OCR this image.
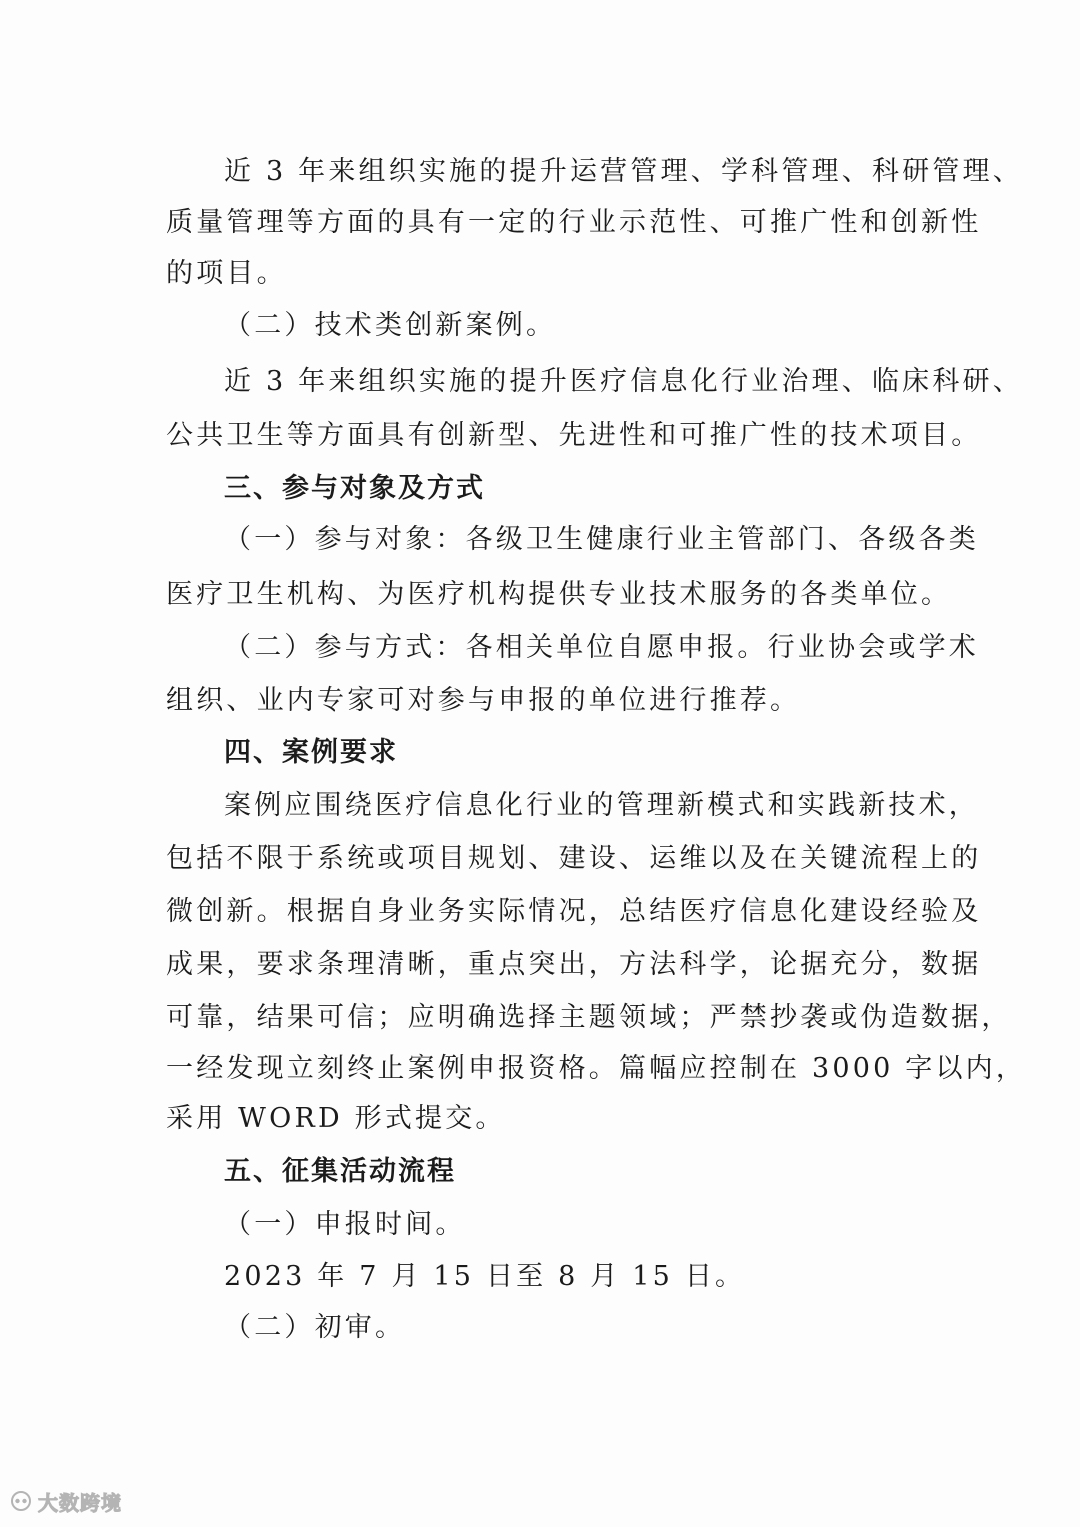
近 3 年来组织实施的提升运营管理、学科管理、科研管理、
质量管理等方面的具有一定的行业示范性、可推广性和创新性
的项目。
（二）技术类创新案例。
近 3 年来组织实施的提升医疗信息化行业治理、临床科研、
公共卫生等方面具有创新型、先进性和可推广性的技术项目。
三、参与对象及方式
（一）参与对象：各级卫生健康行业主管部门、各级各类
医疗卫生机构、为医疗机构提供专业技术服务的各类单位。
（二）参与方式：各相关单位自愿申报。行业协会或学术
组织、业内专家可对参与申报的单位进行推荐。
四、案例要求
案例应围绕医疗信息化行业的管理新模式和实践新技术，
包括不限于系统或项目规划、建设、运维以及在关键流程上的
微创新。根据自身业务实际情况，总结医疗信息化建设经验及
成果，要求条理清晰，重点突出，方法科学，论据充分，数据
可靠，结果可信；应明确选择主题领域；严禁抄袭或伪造数据，
一经发现立刻终止案例申报资格。篇幅应控制在 3000 字以内，
采用 WORD 形式提交。
五、征集活动流程
（一）申报时间。
2023 年 7 月 15 日至 8 月 15 日。
（二）初审。
大数跨境
